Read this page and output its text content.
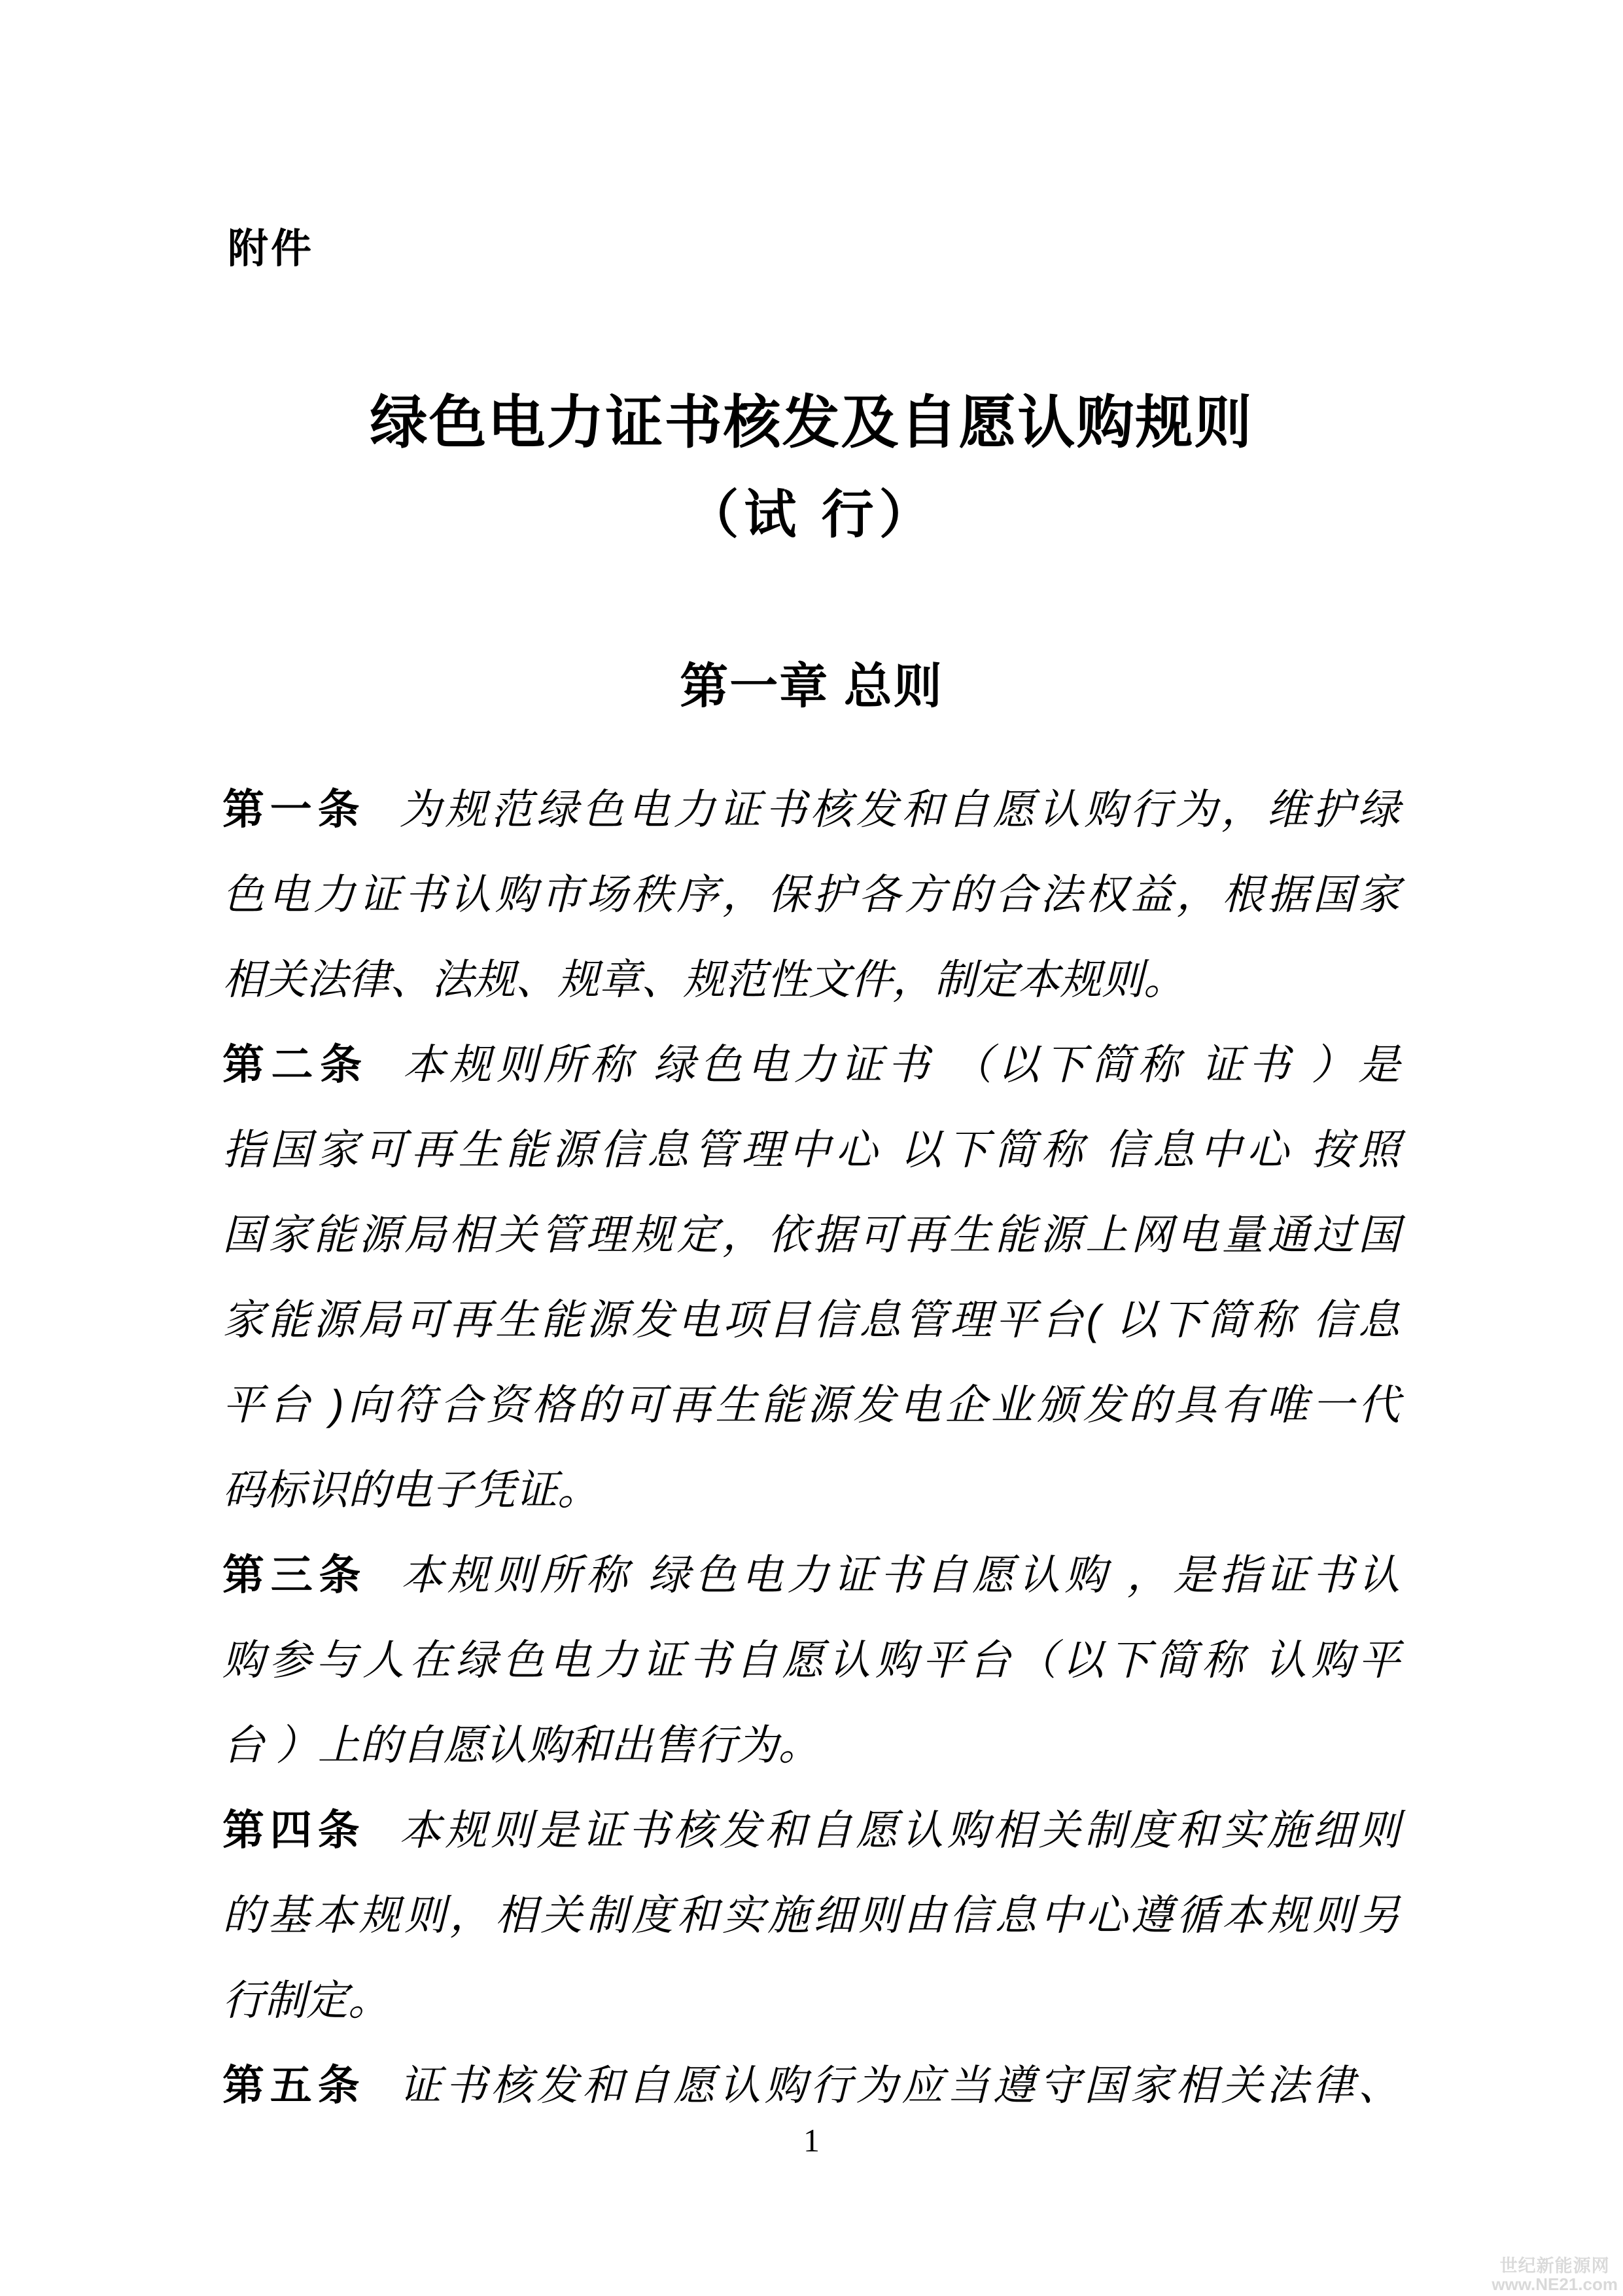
附件
绿色电力证书核发及自愿认购规则
（试 行）
第一章 总则
第一条 为规范绿色电力证书核发和自愿认购行为，维护绿
色电力证书认购市场秩序，保护各方的合法权益，根据国家
相关法律、法规、规章、规范性文件，制定本规则。
第二条 本规则所称 绿色电力证书 （以下简称 证书 ）是
指国家可再生能源信息管理中心 以下简称 信息中心 按照
国家能源局相关管理规定，依据可再生能源上网电量通过国
家能源局可再生能源发电项目信息管理平台( 以下简称 信息
平台 )向符合资格的可再生能源发电企业颁发的具有唯一代
码标识的电子凭证。
第三条 本规则所称 绿色电力证书自愿认购 ，是指证书认
购参与人在绿色电力证书自愿认购平台（以下简称 认购平
台 ）上的自愿认购和出售行为。
第四条 本规则是证书核发和自愿认购相关制度和实施细则
的基本规则，相关制度和实施细则由信息中心遵循本规则另
行制定。
第五条 证书核发和自愿认购行为应当遵守国家相关法律、
1
世纪新能源网
www.NE21.com
